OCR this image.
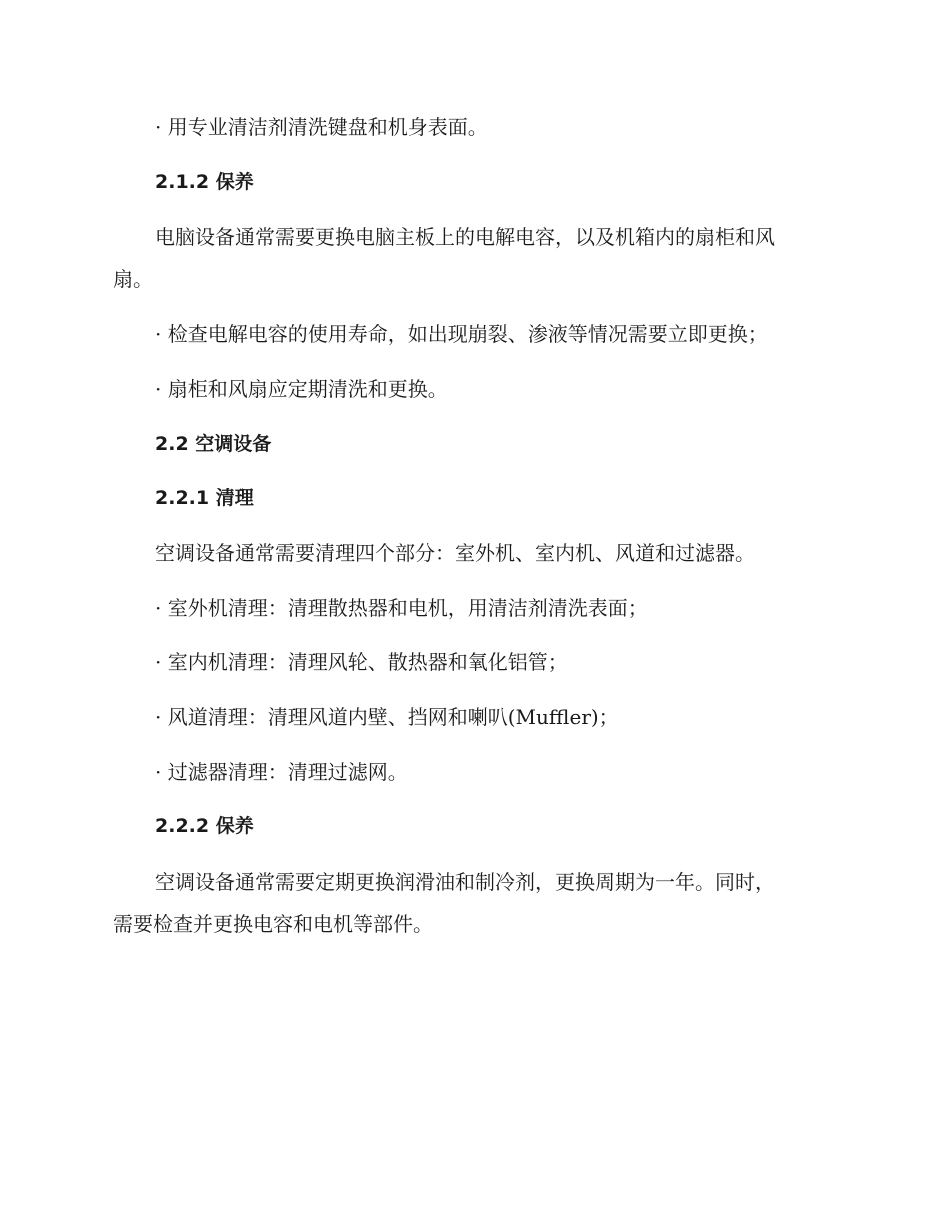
· 用专业清洁剂清洗键盘和机身表面。
2.1.2 保养
电脑设备通常需要更换电脑主板上的电解电容，以及机箱内的扇柜和风
扇。
· 检查电解电容的使用寿命，如出现崩裂、渗液等情况需要立即更换；
· 扇柜和风扇应定期清洗和更换。
2.2 空调设备
2.2.1 清理
空调设备通常需要清理四个部分：室外机、室内机、风道和过滤器。
· 室外机清理：清理散热器和电机，用清洁剂清洗表面；
· 室内机清理：清理风轮、散热器和氧化铝管；
· 风道清理：清理风道内壁、挡网和喇叭(Muffler)；
· 过滤器清理：清理过滤网。
2.2.2 保养
空调设备通常需要定期更换润滑油和制冷剂，更换周期为一年。同时，
需要检查并更换电容和电机等部件。
